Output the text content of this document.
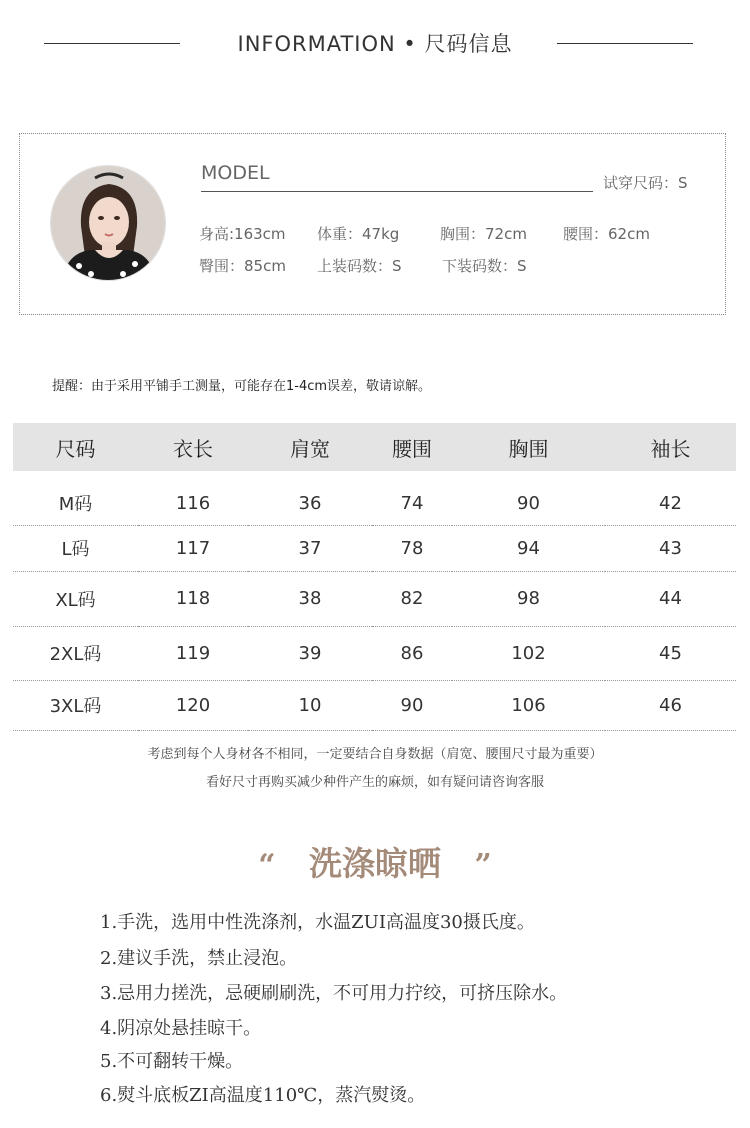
INFORMATION • 尺码信息
MODEL	试穿尺码：S
身高:163cm 体重：47kg	胸围：72cm 腰围：62cm
臀围：85cm 上装码数：S	下装码数：S
提醒：由于采用平铺手工测量，可能存在1-4cm误差，敬请谅解。
尺码	衣长	肩宽	腰围	胸围	袖长
M码	116	36	74	90	42
L码	117	37	78	94	43
XL码	118	38	82	98	44
2XL码	119	39	86	102	45
3XL码	120	10	90	106	46
考虑到每个人身材各不相同，一定要结合自身数据（肩宽、腰围尺寸最为重要）
看好尺寸再购买减少种件产生的麻烦，如有疑问请咨询客服
“ 洗涤晾晒 ”
1.手洗，选用中性洗涤剂，水温ZUI高温度30摄氏度。
2.建议手洗，禁止浸泡。
3.忌用力搓洗，忌硬刷刷洗，不可用力拧绞，可挤压除水。
4.阴凉处悬挂晾干。
5.不可翻转干燥。
6.熨斗底板ZI高温度110℃，蒸汽熨烫。
